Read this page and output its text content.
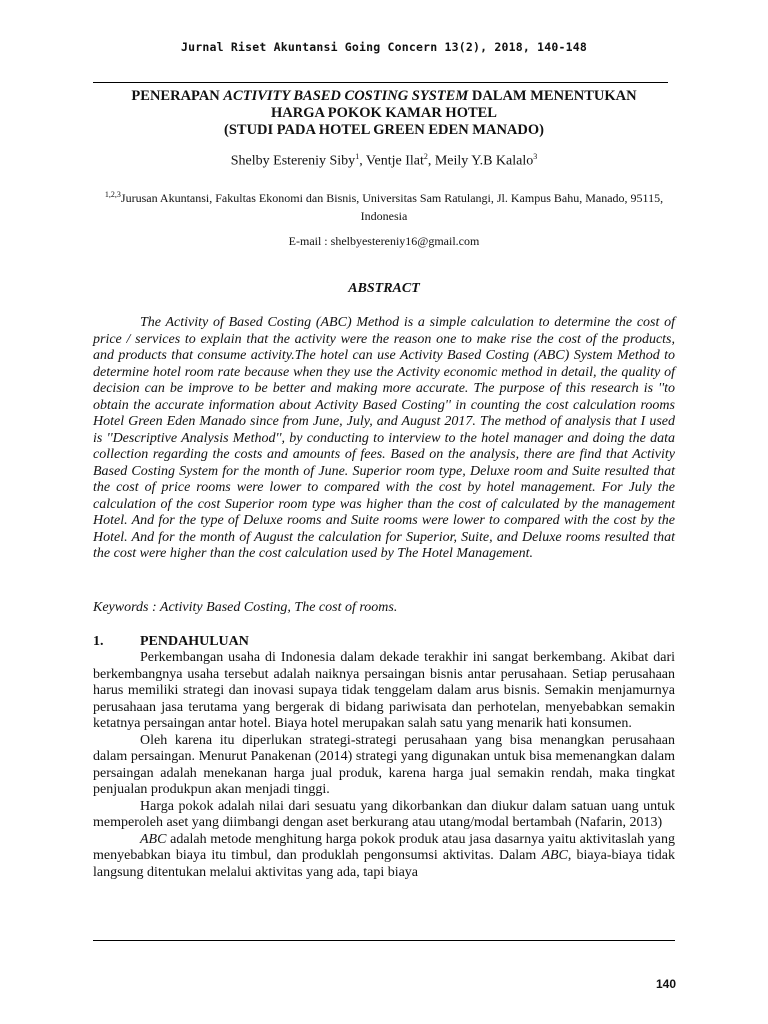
Jurnal Riset Akuntansi Going Concern 13(2), 2018, 140-148
PENERAPAN ACTIVITY BASED COSTING SYSTEM DALAM MENENTUKAN
HARGA POKOK KAMAR HOTEL
(STUDI PADA HOTEL GREEN EDEN MANADO)
Shelby Estereniy Siby$^1$, Ventje Ilat$^2$, Meily Y.B Kalalo$^3$
$^{1,2,3}$Jurusan Akuntansi, Fakultas Ekonomi dan Bisnis, Universitas Sam Ratulangi, Jl. Kampus Bahu, Manado, 95115, Indonesia
E-mail : shelbyestereniy16@gmail.com
ABSTRACT
The Activity of Based Costing (ABC) Method is a simple calculation to determine the cost of price / services to explain that the activity were the reason one to make rise the cost of the products, and products that consume activity.The hotel can use Activity Based Costing (ABC) System Method to determine hotel room rate because when they use the Activity economic method in detail, the quality of decision can be improve to be better and making more accurate. The purpose of this research is ''to obtain the accurate information about Activity Based Costing'' in counting the cost calculation rooms Hotel Green Eden Manado since from June, July, and August 2017. The method of analysis that I used is ''Descriptive Analysis Method'', by conducting to interview to the hotel manager and doing the data collection regarding the costs and amounts of fees. Based on the analysis, there are find that Activity Based Costing System for the month of June. Superior room type, Deluxe room and Suite resulted that the cost of price rooms were lower to compared with the cost by hotel management. For July the calculation of the cost Superior room type was higher than the cost of calculated by the management Hotel. And for the type of Deluxe rooms and Suite rooms were lower to compared with the cost by the Hotel. And for the month of August the calculation for Superior, Suite, and Deluxe rooms resulted that the cost were higher than the cost calculation used by The Hotel Management.
Keywords : Activity Based Costing, The cost of rooms.
1.	PENDAHULUAN

Perkembangan usaha di Indonesia dalam dekade terakhir ini sangat berkembang. Akibat dari berkembangnya usaha tersebut adalah naiknya persaingan bisnis antar perusahaan. Setiap perusahaan harus memiliki strategi dan inovasi supaya tidak tenggelam dalam arus bisnis. Semakin menjamurnya perusahaan jasa terutama yang bergerak di bidang pariwisata dan perhotelan, menyebabkan semakin ketatnya persaingan antar hotel. Biaya hotel merupakan salah satu yang menarik hati konsumen.

Oleh karena itu diperlukan strategi-strategi perusahaan yang bisa menangkan perusahaan dalam persaingan. Menurut Panakenan (2014) strategi yang digunakan untuk bisa memenangkan dalam persaingan adalah menekanan harga jual produk, karena harga jual semakin rendah, maka tingkat penjualan produkpun akan menjadi tinggi.

Harga pokok adalah nilai dari sesuatu yang dikorbankan dan diukur dalam satuan uang untuk memperoleh aset yang diimbangi dengan aset berkurang atau utang/modal bertambah (Nafarin, 2013)

ABC adalah metode menghitung harga pokok produk atau jasa dasarnya yaitu aktivitaslah yang menyebabkan biaya itu timbul, dan produklah pengonsumsi aktivitas. Dalam ABC, biaya-biaya tidak langsung ditentukan melalui aktivitas yang ada, tapi biaya

140
